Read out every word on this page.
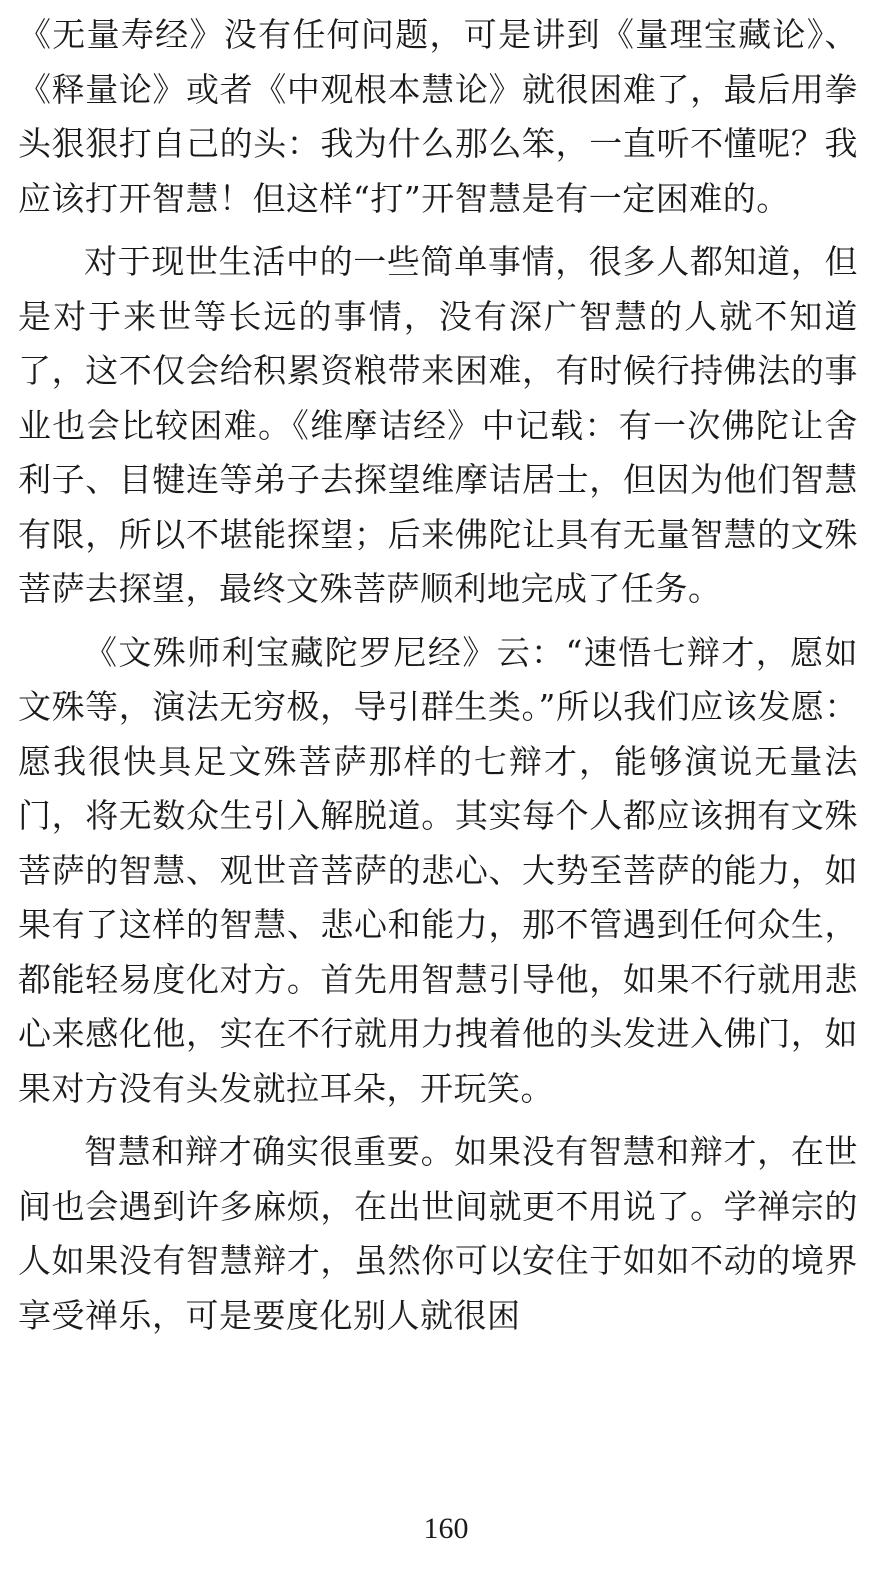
《无量寿经》没有任何问题，可是讲到《量理宝藏论》、《释量论》或者《中观根本慧论》就很困难了，最后用拳头狠狠打自己的头：我为什么那么笨，一直听不懂呢？我应该打开智慧！但这样“打”开智慧是有一定困难的。

对于现世生活中的一些简单事情，很多人都知道，但是对于来世等长远的事情，没有深广智慧的人就不知道了，这不仅会给积累资粮带来困难，有时候行持佛法的事业也会比较困难。《维摩诘经》中记载：有一次佛陀让舍利子、目犍连等弟子去探望维摩诘居士，但因为他们智慧有限，所以不堪能探望；后来佛陀让具有无量智慧的文殊菩萨去探望，最终文殊菩萨顺利地完成了任务。

《文殊师利宝藏陀罗尼经》云：“速悟七辩才，愿如文殊等，演法无穷极，导引群生类。”所以我们应该发愿：愿我很快具足文殊菩萨那样的七辩才，能够演说无量法门，将无数众生引入解脱道。其实每个人都应该拥有文殊菩萨的智慧、观世音菩萨的悲心、大势至菩萨的能力，如果有了这样的智慧、悲心和能力，那不管遇到任何众生，都能轻易度化对方。首先用智慧引导他，如果不行就用悲心来感化他，实在不行就用力拽着他的头发进入佛门，如果对方没有头发就拉耳朵，开玩笑。

智慧和辩才确实很重要。如果没有智慧和辩才，在世间也会遇到许多麻烦，在出世间就更不用说了。学禅宗的人如果没有智慧辩才，虽然你可以安住于如如不动的境界享受禅乐，可是要度化别人就很困

160
